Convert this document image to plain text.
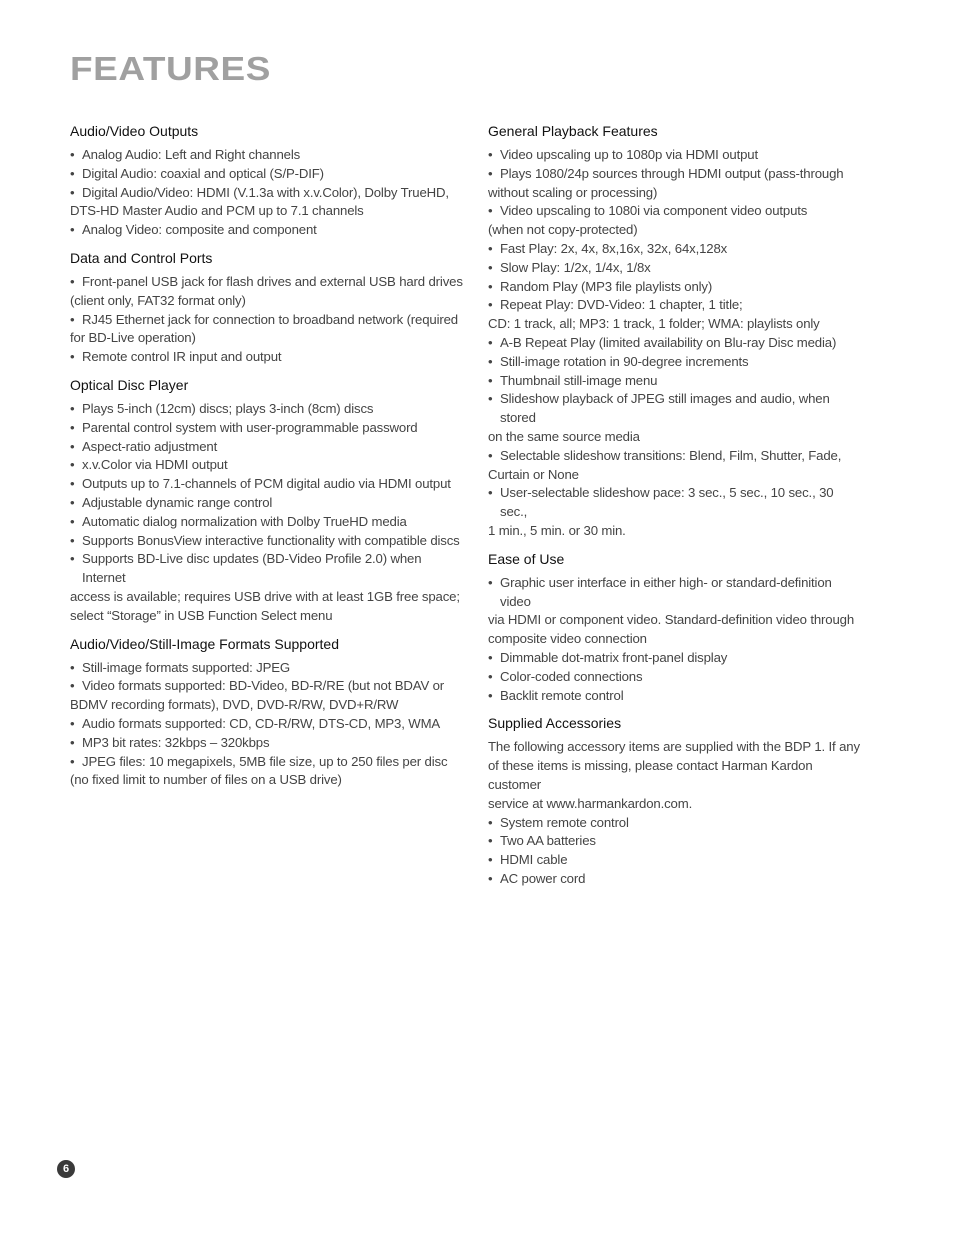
FEATURES
Audio/Video Outputs
• Analog Audio: Left and Right channels
• Digital Audio: coaxial and optical (S/P-DIF)
• Digital Audio/Video: HDMI (V.1.3a with x.v.Color), Dolby TrueHD,
DTS-HD Master Audio and PCM up to 7.1 channels
• Analog Video: composite and component
Data and Control Ports
• Front-panel USB jack for flash drives and external USB hard drives
(client only, FAT32 format only)
• RJ45 Ethernet jack for connection to broadband network (required
for BD-Live operation)
• Remote control IR input and output
Optical Disc Player
• Plays 5-inch (12cm) discs; plays 3-inch (8cm) discs
• Parental control system with user-programmable password
• Aspect-ratio adjustment
• x.v.Color via HDMI output
• Outputs up to 7.1-channels of PCM digital audio via HDMI output
• Adjustable dynamic range control
• Automatic dialog normalization with Dolby TrueHD media
• Supports BonusView interactive functionality with compatible discs
• Supports BD-Live disc updates (BD-Video Profile 2.0) when Internet
access is available; requires USB drive with at least 1GB free space;
select “Storage” in USB Function Select menu
Audio/Video/Still-Image Formats Supported
• Still-image formats supported: JPEG
• Video formats supported: BD-Video, BD-R/RE (but not BDAV or
BDMV recording formats), DVD, DVD-R/RW, DVD+R/RW
• Audio formats supported: CD, CD-R/RW, DTS-CD, MP3, WMA
• MP3 bit rates: 32kbps – 320kbps
• JPEG files: 10 megapixels, 5MB file size, up to 250 files per disc
(no fixed limit to number of files on a USB drive)
General Playback Features
• Video upscaling up to 1080p via HDMI output
• Plays 1080/24p sources through HDMI output (pass-through
without scaling or processing)
• Video upscaling to 1080i via component video outputs
(when not copy-protected)
• Fast Play: 2x, 4x, 8x,16x, 32x, 64x,128x
• Slow Play: 1/2x, 1/4x, 1/8x
• Random Play (MP3 file playlists only)
• Repeat Play: DVD-Video: 1 chapter, 1 title;
CD: 1 track, all; MP3: 1 track, 1 folder; WMA: playlists only
• A-B Repeat Play (limited availability on Blu-ray Disc media)
• Still-image rotation in 90-degree increments
• Thumbnail still-image menu
• Slideshow playback of JPEG still images and audio, when stored
on the same source media
• Selectable slideshow transitions: Blend, Film, Shutter, Fade,
Curtain or None
• User-selectable slideshow pace: 3 sec., 5 sec., 10 sec., 30 sec.,
1 min., 5 min. or 30 min.
Ease of Use
• Graphic user interface in either high- or standard-definition video
via HDMI or component video. Standard-definition video through
composite video connection
• Dimmable dot-matrix front-panel display
• Color-coded connections
• Backlit remote control
Supplied Accessories

The following accessory items are supplied with the BDP 1. If any
of these items is missing, please contact Harman Kardon customer
service at www.harmankardon.com.

• System remote control
• Two AA batteries
• HDMI cable
• AC power cord
6
